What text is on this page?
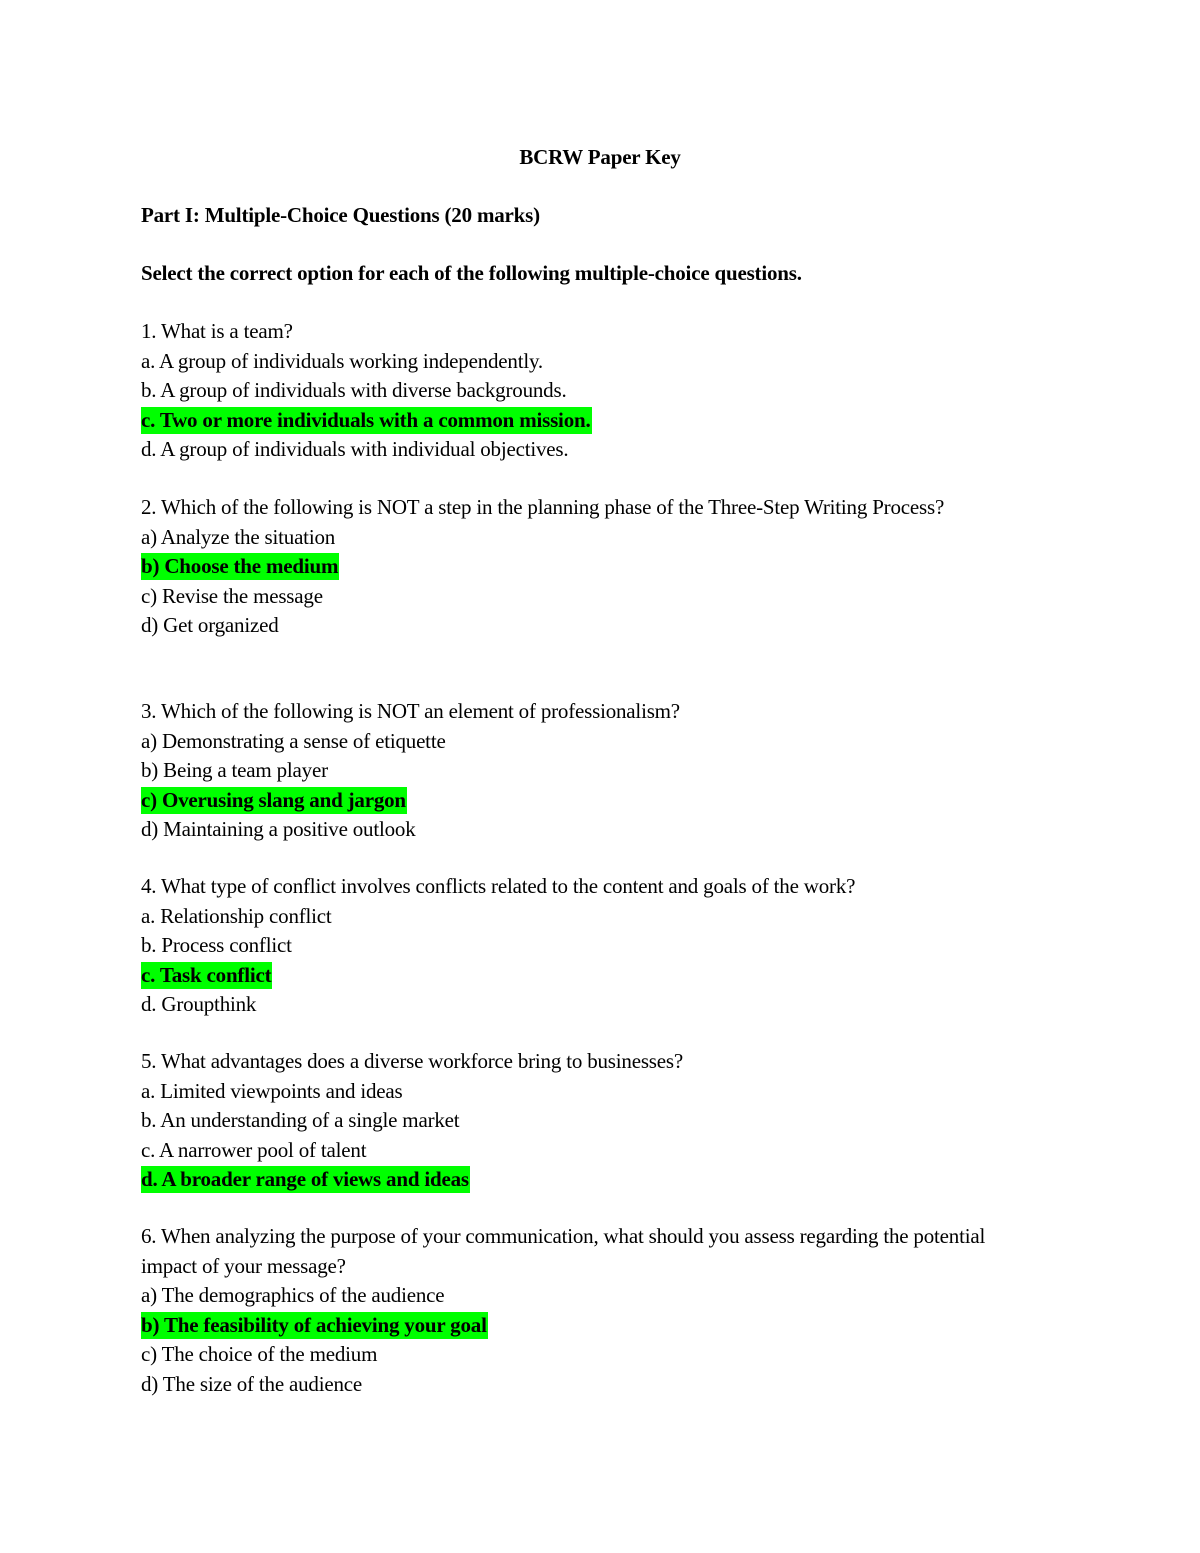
BCRW Paper Key
Part I: Multiple-Choice Questions (20 marks)
Select the correct option for each of the following multiple-choice questions.
1. What is a team?
a. A group of individuals working independently.
b. A group of individuals with diverse backgrounds.
c. Two or more individuals with a common mission.
d. A group of individuals with individual objectives.
2. Which of the following is NOT a step in the planning phase of the Three-Step Writing Process?
a) Analyze the situation
b) Choose the medium
c) Revise the message
d) Get organized
3. Which of the following is NOT an element of professionalism?
a) Demonstrating a sense of etiquette
b) Being a team player
c) Overusing slang and jargon
d) Maintaining a positive outlook
4. What type of conflict involves conflicts related to the content and goals of the work?
a. Relationship conflict
b. Process conflict
c. Task conflict
d. Groupthink
5. What advantages does a diverse workforce bring to businesses?
a. Limited viewpoints and ideas
b. An understanding of a single market
c. A narrower pool of talent
d. A broader range of views and ideas
6. When analyzing the purpose of your communication, what should you assess regarding the potential impact of your message?
a) The demographics of the audience
b) The feasibility of achieving your goal
c) The choice of the medium
d) The size of the audience
